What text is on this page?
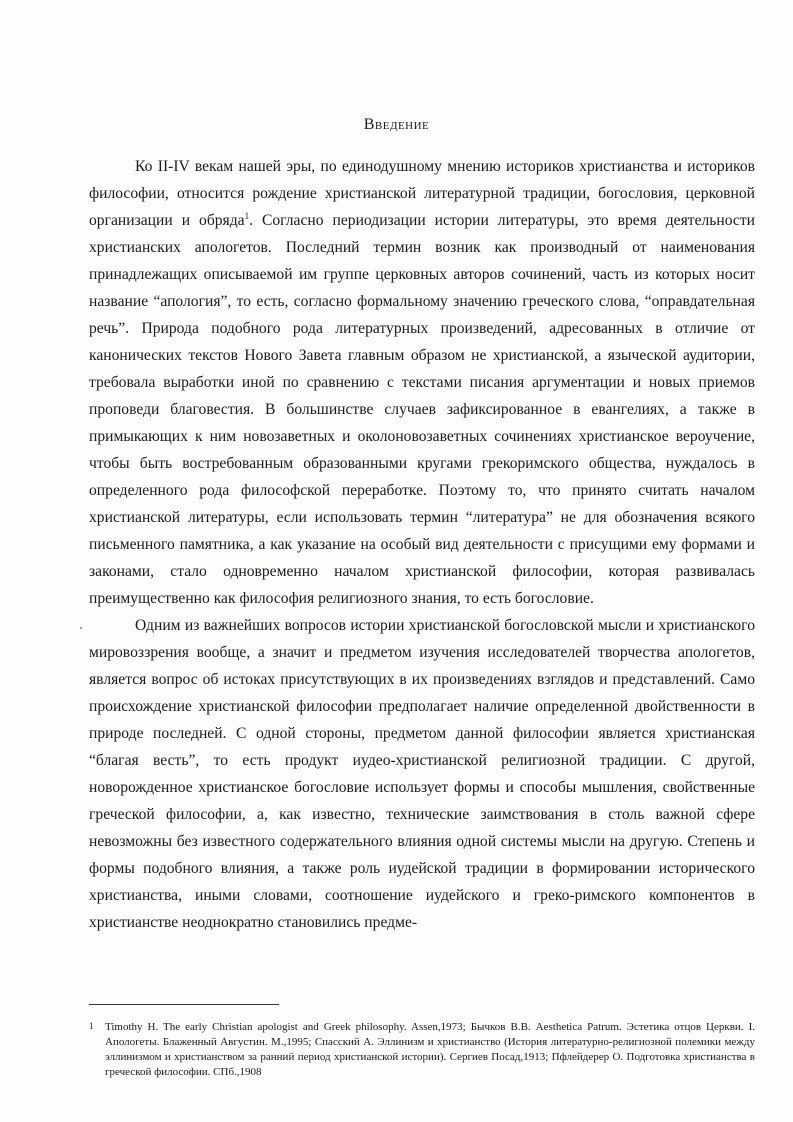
Введение

Ко II-IV векам нашей эры, по единодушному мнению историков христианства и историков философии, относится рождение христианской литературной традиции, богословия, церковной организации и обряда$^1$. Согласно периодизации истории литературы, это время деятельности христианских апологетов. Последний термин возник как производный от наименования принадлежащих описываемой им группе церковных авторов сочинений, часть из которых носит название “апология”, то есть, согласно формальному значению греческого слова, “оправдательная речь”. Природа подобного рода литературных произведений, адресованных в отличие от канонических текстов Нового Завета главным образом не христианской, а языческой аудитории, требовала выработки иной по сравнению с текстами писания аргументации и новых приемов проповеди благовестия. В большинстве случаев зафиксированное в евангелиях, а также в примыкающих к ним новозаветных и околоновозаветных сочинениях христианское вероучение, чтобы быть востребованным образованными кругами грекоримского общества, нуждалось в определенного рода философской переработке. Поэтому то, что принято считать началом христианской литературы, если использовать термин “литература” не для обозначения всякого письменного памятника, а как указание на особый вид деятельности с присущими ему формами и законами, стало одновременно началом христианской философии, которая развивалась преимущественно как философия религиозного знания, то есть богословие.

Одним из важнейших вопросов истории христианской богословской мысли и христианского мировоззрения вообще, а значит и предметом изучения исследователей творчества апологетов, является вопрос об истоках присутствующих в их произведениях взглядов и представлений. Само происхождение христианской философии предполагает наличие определенной двойственности в природе последней. С одной стороны, предметом данной философии является христианская “благая весть”, то есть продукт иудео-христианской религиозной традиции. С другой, новорожденное христианское богословие использует формы и способы мышления, свойственные греческой философии, а, как известно, технические заимствования в столь важной сфере невозможны без известного содержательного влияния одной системы мысли на другую. Степень и формы подобного влияния, а также роль иудейской традиции в формировании исторического христианства, иными словами, соотношение иудейского и греко-римского компонентов в христианстве неоднократно становились предме-

1 Timothy H. The early Christian apologist and Greek philosophy. Assen,1973; Бычков В.В. Aesthetica Patrum. Эстетика отцов Церкви. I. Апологеты. Блаженный Августин. М.,1995; Спасский А. Эллинизм и христианство (История литературно-религиозной полемики между эллинизмом и христианством за ранний период христианской истории). Сергиев Посад,1913; Пфлейдерер О. Подготовка христианства в греческой философии. СПб.,1908
